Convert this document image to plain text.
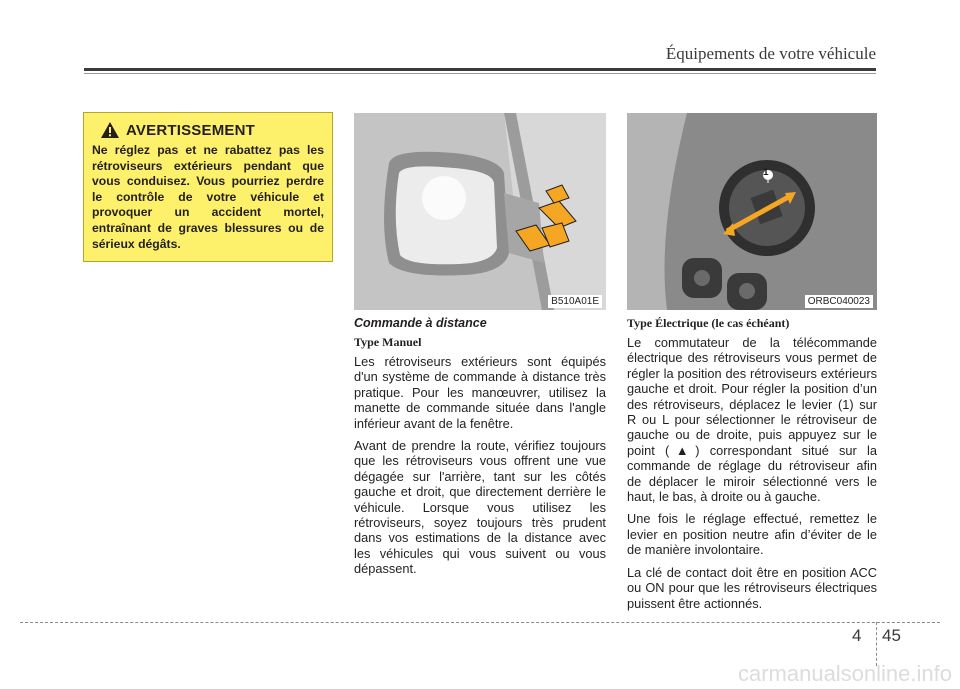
Équipements de votre véhicule
AVERTISSEMENT
Ne réglez pas et ne rabattez pas les rétroviseurs extérieurs pendant que vous conduisez. Vous pourriez perdre le contrôle de votre véhicule et provoquer un accident mortel, entraînant de graves blessures ou de sérieux dégâts.
B510A01E
1
ORBC040023
Commande à distance
Type Manuel

Les rétroviseurs extérieurs sont équipés d'un système de commande à distance très pratique. Pour les manœuvrer, utilisez la manette de commande située dans l'angle inférieur avant de la fenêtre.

Avant de prendre la route, vérifiez toujours que les rétroviseurs vous offrent une vue dégagée sur l'arrière, tant sur les côtés gauche et droit, que directement derrière le véhicule. Lorsque vous utilisez les rétroviseurs, soyez toujours très prudent dans vos estimations de la distance avec les véhicules qui vous suivent ou vous dépassent.

Type Électrique (le cas échéant)

Le commutateur de la télécommande électrique des rétroviseurs vous permet de régler la position des rétroviseurs extérieurs gauche et droit. Pour régler la position d’un des rétroviseurs, déplacez le levier (1) sur R ou L pour sélectionner le rétroviseur de gauche ou de droite, puis appuyez sur le point (▲) correspondant situé sur la commande de réglage du rétroviseur afin de déplacer le miroir sélectionné vers le haut, le bas, à droite ou à gauche.

Une fois le réglage effectué, remettez le levier en position neutre afin d’éviter de le de manière involontaire.

La clé de contact doit être en position ACC ou ON pour que les rétroviseurs électriques puissent être actionnés.

4 45
carmanualsonline.info
